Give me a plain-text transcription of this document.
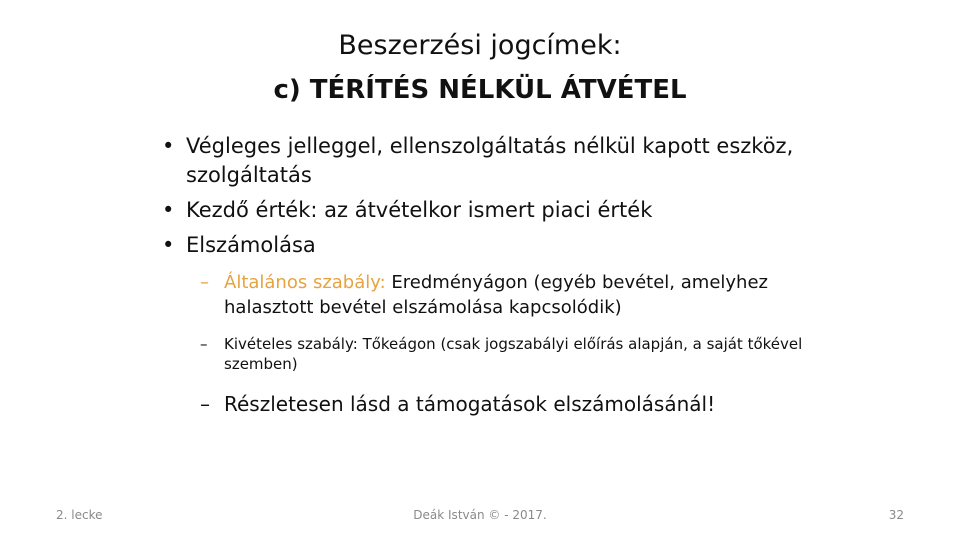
Beszerzési jogcímek:
c) TÉRÍTÉS NÉLKÜL ÁTVÉTEL
• Végleges jelleggel, ellenszolgáltatás nélkül kapott eszköz, szolgáltatás
• Kezdő érték: az átvételkor ismert piaci érték
• Elszámolása
– Általános szabály: Eredményágon (egyéb bevétel, amelyhez halasztott bevétel elszámolása kapcsolódik)
– Kivételes szabály: Tőkeágon (csak jogszabályi előírás alapján, a saját tőkével szemben)
– Részletesen lásd a támogatások elszámolásánál!
2. lecke	Deák István © - 2017.	32
